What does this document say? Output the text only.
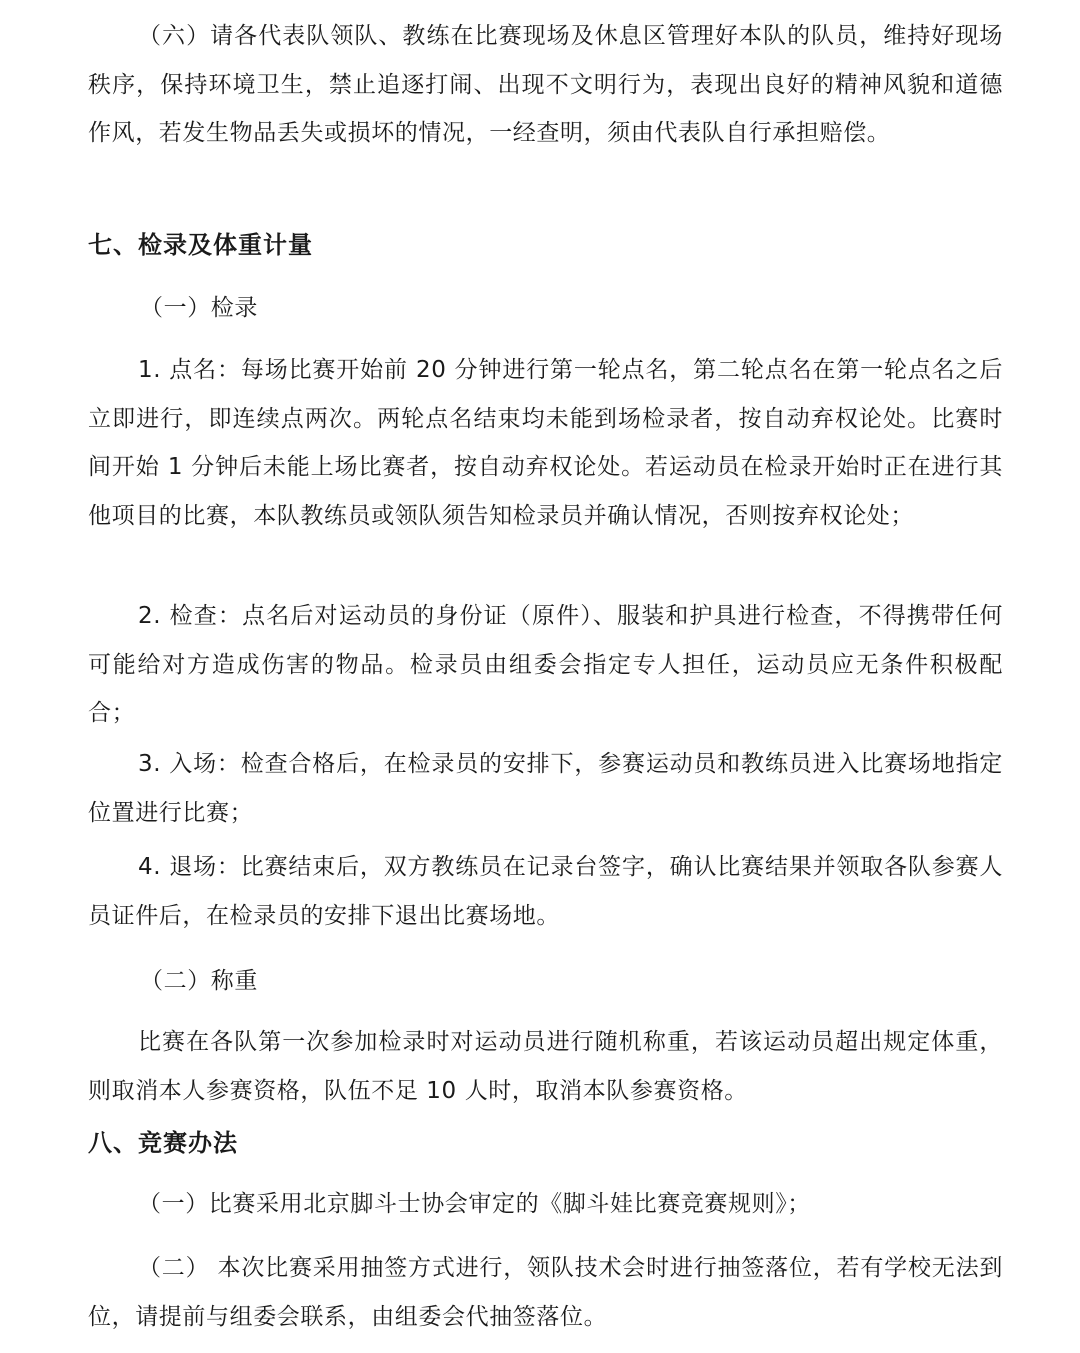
（六）请各代表队领队、教练在比赛现场及休息区管理好本队的队员，维持好现场秩序，保持环境卫生，禁止追逐打闹、出现不文明行为，表现出良好的精神风貌和道德作风，若发生物品丢失或损坏的情况，一经查明，须由代表队自行承担赔偿。

七、检录及体重计量
（一）检录

1. 点名：每场比赛开始前 20 分钟进行第一轮点名，第二轮点名在第一轮点名之后立即进行，即连续点两次。两轮点名结束均未能到场检录者，按自动弃权论处。比赛时间开始 1 分钟后未能上场比赛者，按自动弃权论处。若运动员在检录开始时正在进行其他项目的比赛，本队教练员或领队须告知检录员并确认情况，否则按弃权论处；

2. 检查：点名后对运动员的身份证（原件）、服装和护具进行检查，不得携带任何可能给对方造成伤害的物品。检录员由组委会指定专人担任，运动员应无条件积极配合；

3. 入场：检查合格后，在检录员的安排下，参赛运动员和教练员进入比赛场地指定位置进行比赛；

4. 退场：比赛结束后，双方教练员在记录台签字，确认比赛结果并领取各队参赛人员证件后，在检录员的安排下退出比赛场地。

（二）称重

比赛在各队第一次参加检录时对运动员进行随机称重，若该运动员超出规定体重，则取消本人参赛资格，队伍不足 10 人时，取消本队参赛资格。

八、竞赛办法

（一）比赛采用北京脚斗士协会审定的《脚斗娃比赛竞赛规则》；

（二） 本次比赛采用抽签方式进行，领队技术会时进行抽签落位，若有学校无法到位，请提前与组委会联系，由组委会代抽签落位。
